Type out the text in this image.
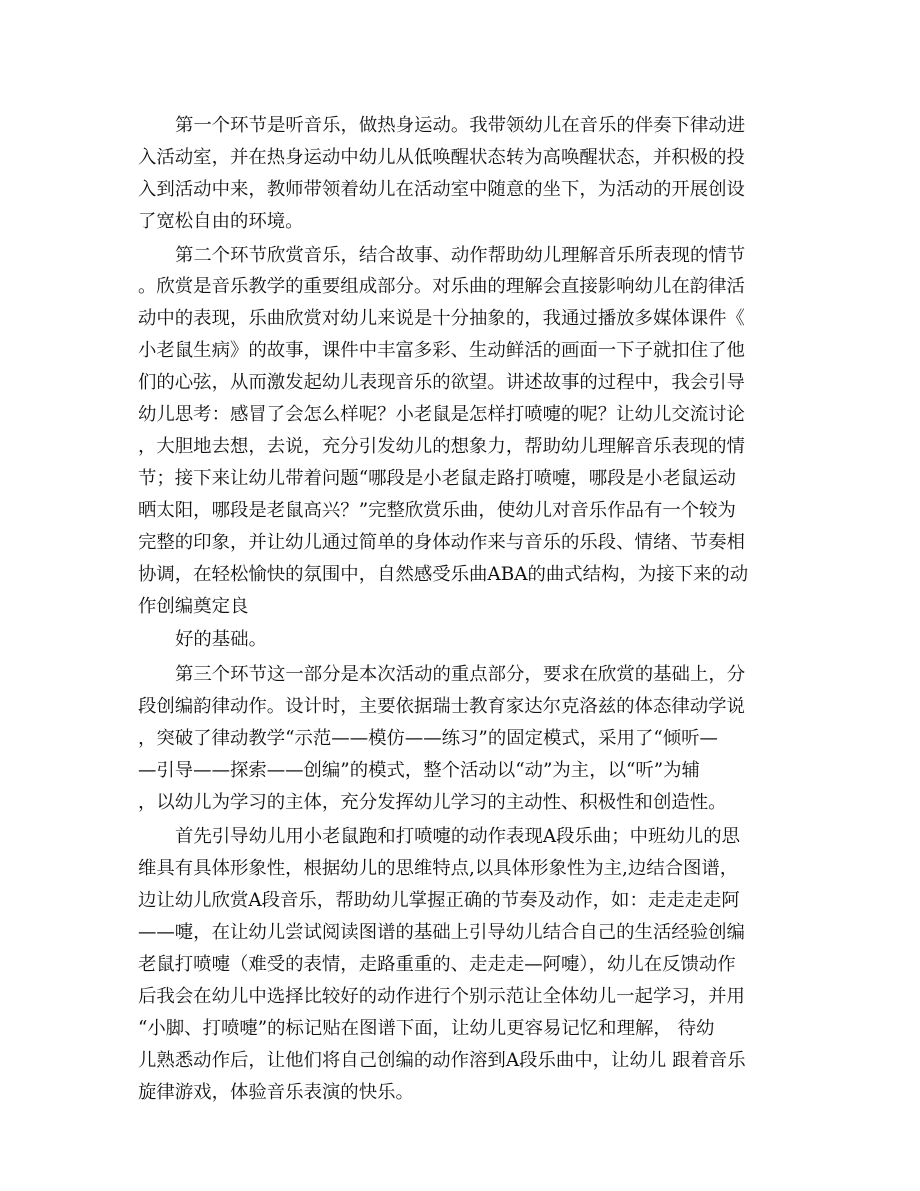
第一个环节是听音乐，做热身运动。我带领幼儿在音乐的伴奏下律动进
入活动室，并在热身运动中幼儿从低唤醒状态转为高唤醒状态，并积极的投
入到活动中来，教师带领着幼儿在活动室中随意的坐下，为活动的开展创设
了宽松自由的环境。
第二个环节欣赏音乐，结合故事、动作帮助幼儿理解音乐所表现的情节
。欣赏是音乐教学的重要组成部分。对乐曲的理解会直接影响幼儿在韵律活
动中的表现，乐曲欣赏对幼儿来说是十分抽象的，我通过播放多媒体课件《
小老鼠生病》的故事，课件中丰富多彩、生动鲜活的画面一下子就扣住了他
们的心弦，从而激发起幼儿表现音乐的欲望。讲述故事的过程中，我会引导
幼儿思考：感冒了会怎么样呢？小老鼠是怎样打喷嚏的呢？让幼儿交流讨论
，大胆地去想，去说，充分引发幼儿的想象力，帮助幼儿理解音乐表现的情
节；接下来让幼儿带着问题“哪段是小老鼠走路打喷嚏，哪段是小老鼠运动
晒太阳，哪段是老鼠高兴？”完整欣赏乐曲，使幼儿对音乐作品有一个较为
完整的印象，并让幼儿通过简单的身体动作来与音乐的乐段、情绪、节奏相
协调，在轻松愉快的氛围中，自然感受乐曲ABA的曲式结构，为接下来的动
作创编奠定良
好的基础。
第三个环节这一部分是本次活动的重点部分，要求在欣赏的基础上，分
段创编韵律动作。设计时，主要依据瑞士教育家达尔克洛兹的体态律动学说
，突破了律动教学“示范——模仿——练习”的固定模式，采用了“倾听—
—引导——探索——创编”的模式，整个活动以“动”为主，以“听”为辅
，以幼儿为学习的主体，充分发挥幼儿学习的主动性、积极性和创造性。
首先引导幼儿用小老鼠跑和打喷嚏的动作表现A段乐曲；中班幼儿的思
维具有具体形象性，根据幼儿的思维特点,以具体形象性为主,边结合图谱，
边让幼儿欣赏A段音乐，帮助幼儿掌握正确的节奏及动作，如：走走走走阿
——嚏，在让幼儿尝试阅读图谱的基础上引导幼儿结合自己的生活经验创编
老鼠打喷嚏（难受的表情，走路重重的、走走走—阿嚏），幼儿在反馈动作
后我会在幼儿中选择比较好的动作进行个别示范让全体幼儿一起学习，并用
“小脚、打喷嚏”的标记贴在图谱下面，让幼儿更容易记忆和理解， 待幼
儿熟悉动作后，让他们将自己创编的动作溶到A段乐曲中，让幼儿 跟着音乐
旋律游戏，体验音乐表演的快乐。
